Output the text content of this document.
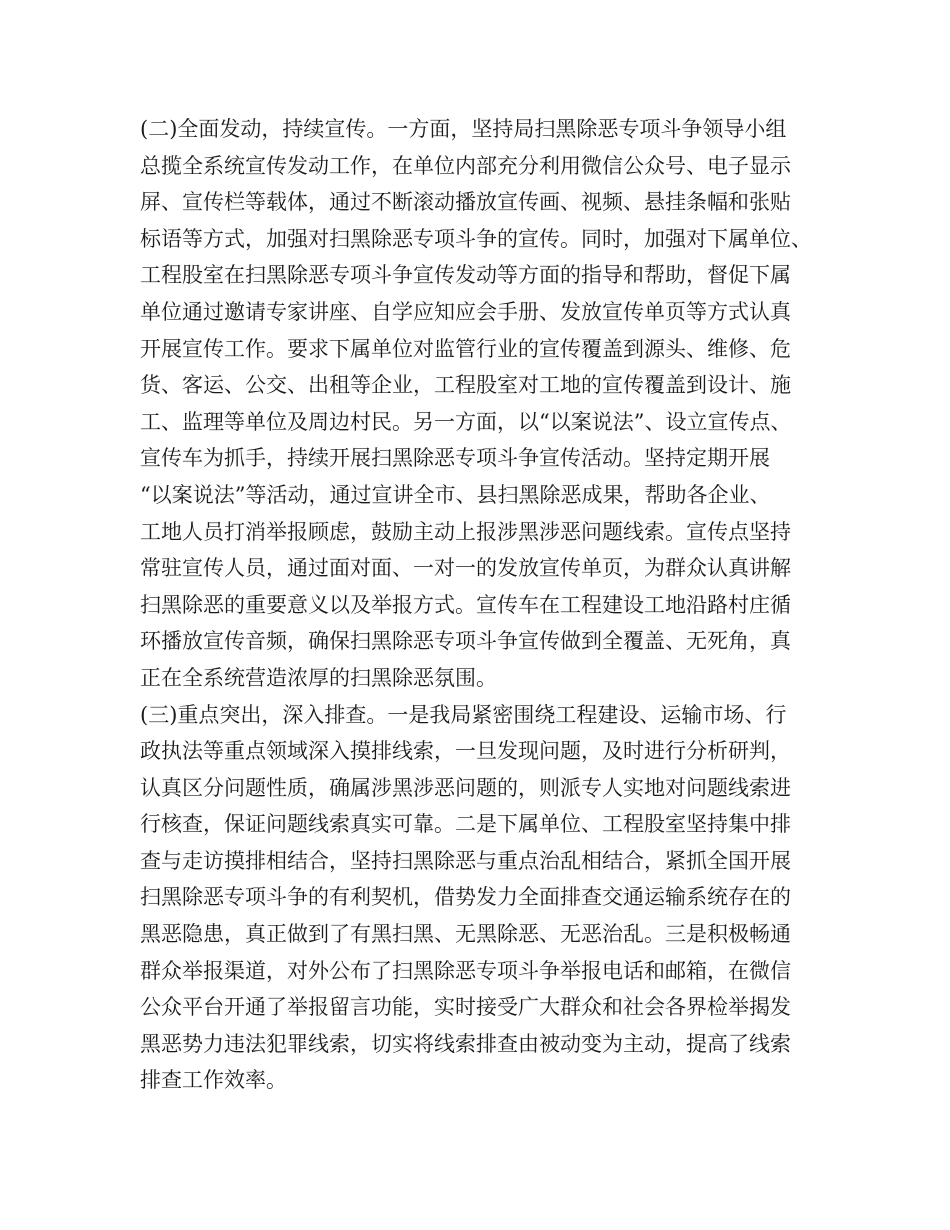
(二)全面发动，持续宣传。一方面，坚持局扫黑除恶专项斗争领导小组
总揽全系统宣传发动工作，在单位内部充分利用微信公众号、电子显示
屏、宣传栏等载体，通过不断滚动播放宣传画、视频、悬挂条幅和张贴
标语等方式，加强对扫黑除恶专项斗争的宣传。同时，加强对下属单位、
工程股室在扫黑除恶专项斗争宣传发动等方面的指导和帮助，督促下属
单位通过邀请专家讲座、自学应知应会手册、发放宣传单页等方式认真
开展宣传工作。要求下属单位对监管行业的宣传覆盖到源头、维修、危
货、客运、公交、出租等企业，工程股室对工地的宣传覆盖到设计、施
工、监理等单位及周边村民。另一方面，以“以案说法”、设立宣传点、
宣传车为抓手，持续开展扫黑除恶专项斗争宣传活动。坚持定期开展
“以案说法”等活动，通过宣讲全市、县扫黑除恶成果，帮助各企业、
工地人员打消举报顾虑，鼓励主动上报涉黑涉恶问题线索。宣传点坚持
常驻宣传人员，通过面对面、一对一的发放宣传单页，为群众认真讲解
扫黑除恶的重要意义以及举报方式。宣传车在工程建设工地沿路村庄循
环播放宣传音频，确保扫黑除恶专项斗争宣传做到全覆盖、无死角，真
正在全系统营造浓厚的扫黑除恶氛围。
(三)重点突出，深入排查。一是我局紧密围绕工程建设、运输市场、行
政执法等重点领域深入摸排线索，一旦发现问题，及时进行分析研判，
认真区分问题性质，确属涉黑涉恶问题的，则派专人实地对问题线索进
行核查，保证问题线索真实可靠。二是下属单位、工程股室坚持集中排
查与走访摸排相结合，坚持扫黑除恶与重点治乱相结合，紧抓全国开展
扫黑除恶专项斗争的有利契机，借势发力全面排查交通运输系统存在的
黑恶隐患，真正做到了有黑扫黑、无黑除恶、无恶治乱。三是积极畅通
群众举报渠道，对外公布了扫黑除恶专项斗争举报电话和邮箱，在微信
公众平台开通了举报留言功能，实时接受广大群众和社会各界检举揭发
黑恶势力违法犯罪线索，切实将线索排查由被动变为主动，提高了线索
排查工作效率。
